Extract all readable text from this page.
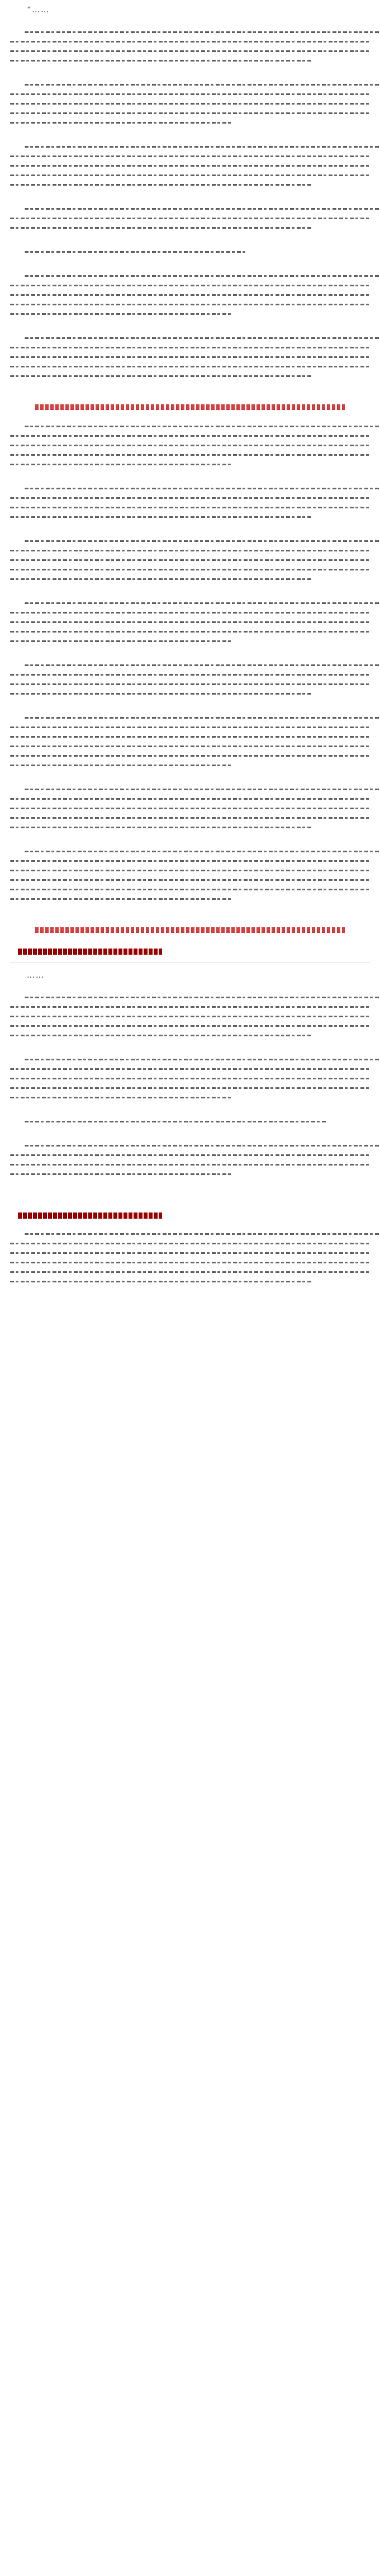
“……
……
